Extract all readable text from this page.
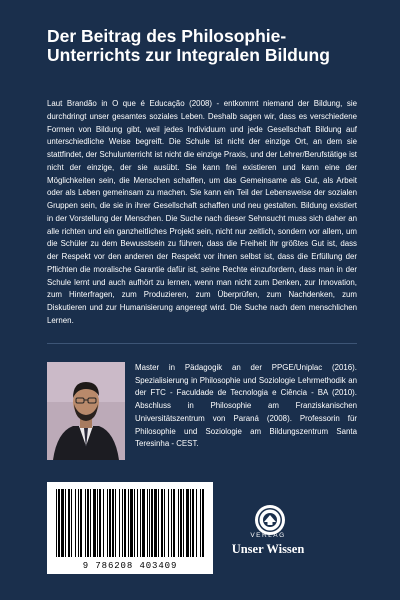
Der Beitrag des Philosophie-Unterrichts zur Integralen Bildung

Laut Brandão in O que é Educação (2008) - entkommt niemand der Bildung, sie durchdringt unser gesamtes soziales Leben. Deshalb sagen wir, dass es verschiedene Formen von Bildung gibt, weil jedes Individuum und jede Gesellschaft Bildung auf unterschiedliche Weise begreift. Die Schule ist nicht der einzige Ort, an dem sie stattfindet, der Schulunterricht ist nicht die einzige Praxis, und der Lehrer/Berufstätige ist nicht der einzige, der sie ausübt. Sie kann frei existieren und kann eine der Möglichkeiten sein, die Menschen schaffen, um das Gemeinsame als Gut, als Arbeit oder als Leben gemeinsam zu machen. Sie kann ein Teil der Lebensweise der sozialen Gruppen sein, die sie in ihrer Gesellschaft schaffen und neu gestalten. Bildung existiert in der Vorstellung der Menschen. Die Suche nach dieser Sehnsucht muss sich daher an alle richten und ein ganzheitliches Projekt sein, nicht nur zeitlich, sondern vor allem, um die Schüler zu dem Bewusstsein zu führen, dass die Freiheit ihr größtes Gut ist, dass der Respekt vor den anderen der Respekt vor ihnen selbst ist, dass die Erfüllung der Pflichten die moralische Garantie dafür ist, seine Rechte einzufordern, dass man in der Schule lernt und auch aufhört zu lernen, wenn man nicht zum Denken, zur Innovation, zum Hinterfragen, zum Produzieren, zum Überprüfen, zum Nachdenken, zum Diskutieren und zur Humanisierung angeregt wird. Die Suche nach dem menschlichen Lernen.

Master in Pädagogik an der PPGE/Uniplac (2016). Spezialisierung in Philosophie und Soziologie Lehrmethodik an der FTC - Faculdade de Tecnologia e Ciência - BA (2010). Abschluss in Philosophie am Franziskanischen Universitätszentrum von Paraná (2008). Professorin für Philosophie und Soziologie am Bildungszentrum Santa Teresinha - CEST.

9 786208 403409
VERLAG
Unser Wissen
